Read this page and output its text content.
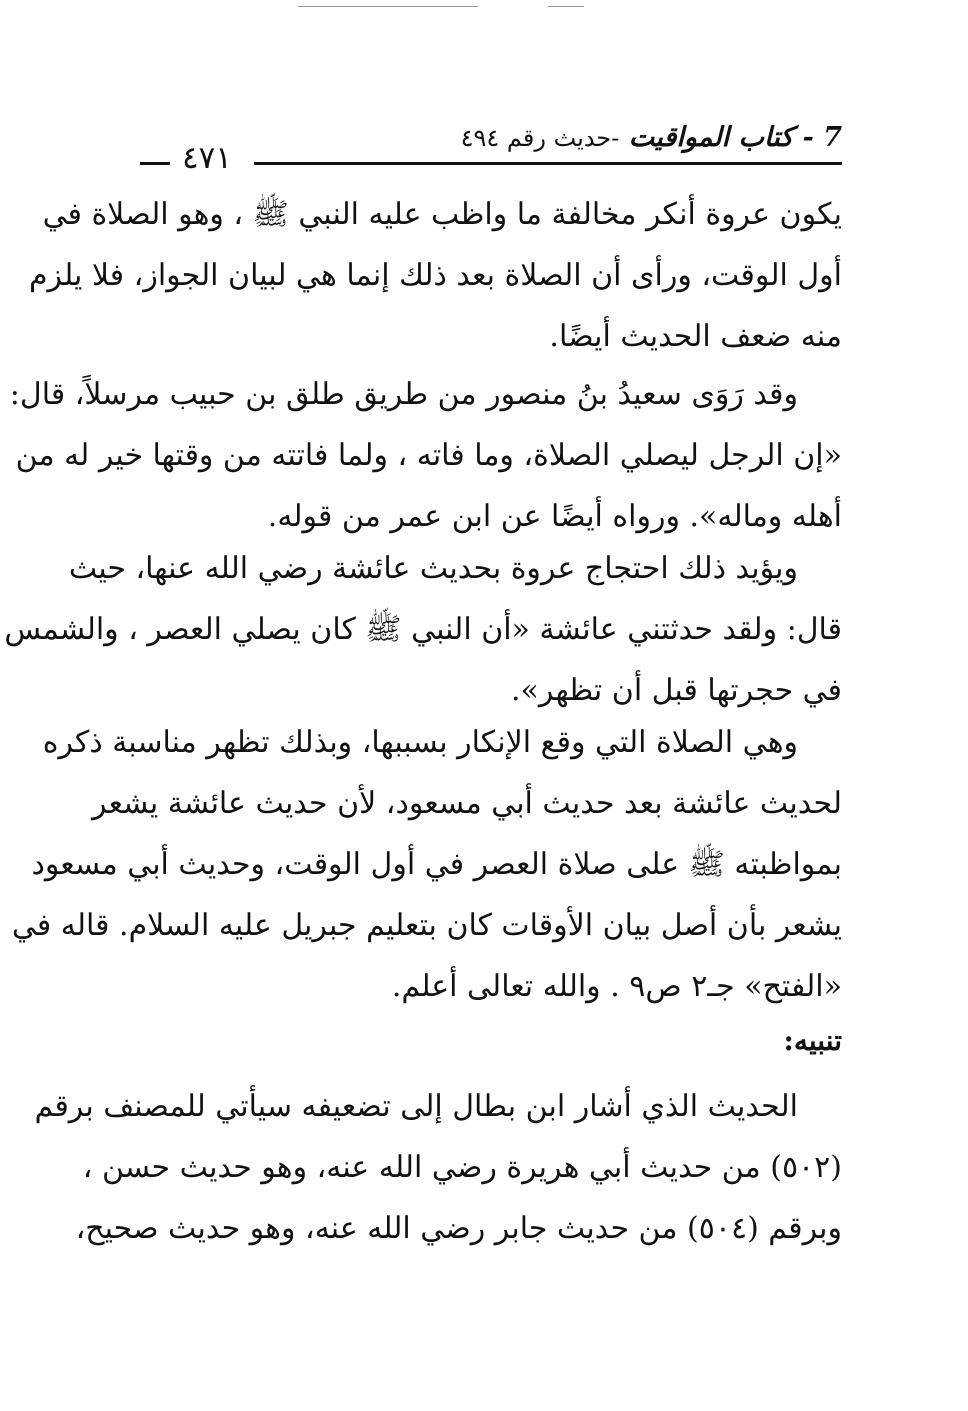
7 - كتاب المواقيت -حديث رقم ٤٩٤
٤٧١
يكون عروة أنكر مخالفة ما واظب عليه النبي ﷺ ، وهو الصلاة في
أول الوقت، ورأى أن الصلاة بعد ذلك إنما هي لبيان الجواز، فلا يلزم
منه ضعف الحديث أيضًا.
وقد رَوَى سعيدُ بنُ منصور من طريق طلق بن حبيب مرسلاً، قال:
«إن الرجل ليصلي الصلاة، وما فاته ، ولما فاتته من وقتها خير له من
أهله وماله». ورواه أيضًا عن ابن عمر من قوله.
ويؤيد ذلك احتجاج عروة بحديث عائشة رضي الله عنها، حيث
قال: ولقد حدثتني عائشة «أن النبي ﷺ كان يصلي العصر ، والشمس
في حجرتها قبل أن تظهر».
وهي الصلاة التي وقع الإنكار بسببها، وبذلك تظهر مناسبة ذكره
لحديث عائشة بعد حديث أبي مسعود، لأن حديث عائشة يشعر
بمواظبته ﷺ على صلاة العصر في أول الوقت، وحديث أبي مسعود
يشعر بأن أصل بيان الأوقات كان بتعليم جبريل عليه السلام. قاله في
«الفتح» جـ٢ ص٩ . والله تعالى أعلم.
تنبيه:
الحديث الذي أشار ابن بطال إلى تضعيفه سيأتي للمصنف برقم
(٥٠٢) من حديث أبي هريرة رضي الله عنه، وهو حديث حسن ،
وبرقم (٥٠٤) من حديث جابر رضي الله عنه، وهو حديث صحيح،
